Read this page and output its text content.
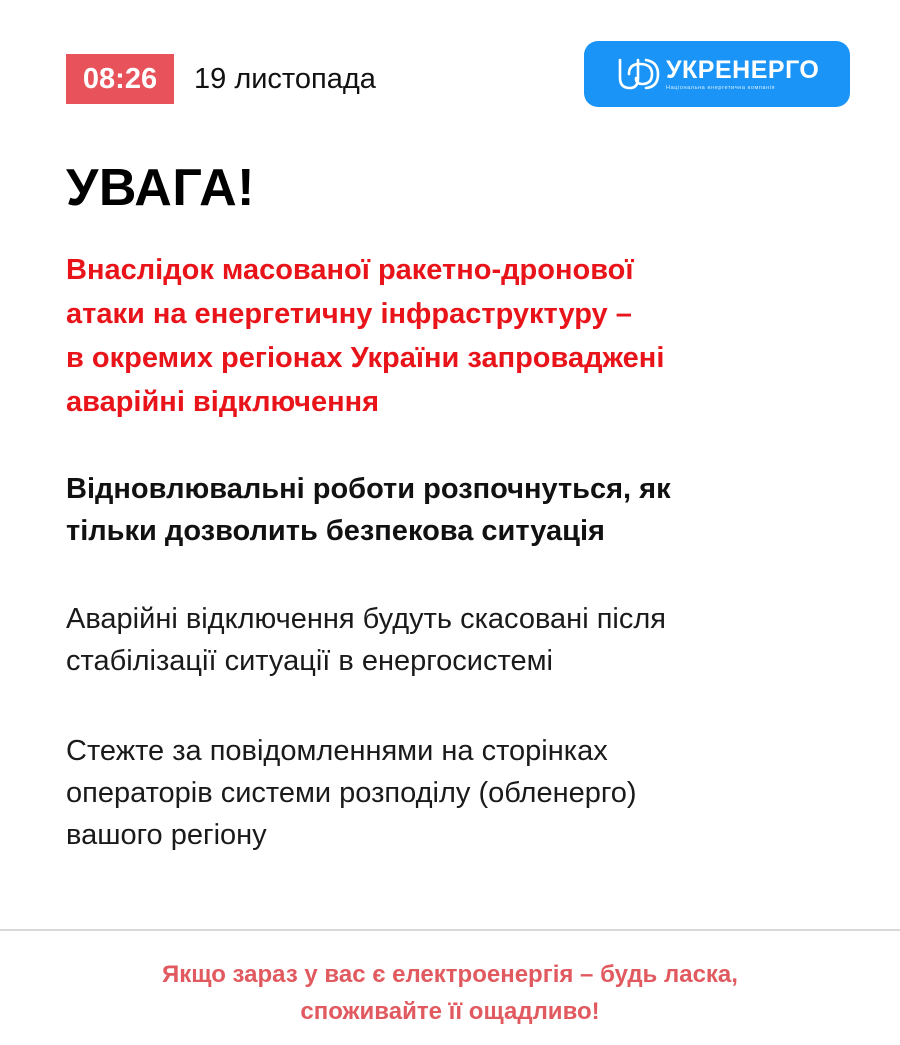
08:26	19 листопада	УКРЕНЕРГО
Національна енергетична компанія
УВАГА!

Внаслідок масованої ракетно-дронової
атаки на енергетичну інфраструктуру –
в окремих регіонах України запроваджені
аварійні відключення

Відновлювальні роботи розпочнуться, як
тільки дозволить безпекова ситуація

Аварійні відключення будуть скасовані після
стабілізації ситуації в енергосистемі

Стежте за повідомленнями на сторінках
операторів системи розподілу (обленерго)
вашого регіону

Якщо зараз у вас є електроенергія – будь ласка,
споживайте її ощадливо!
